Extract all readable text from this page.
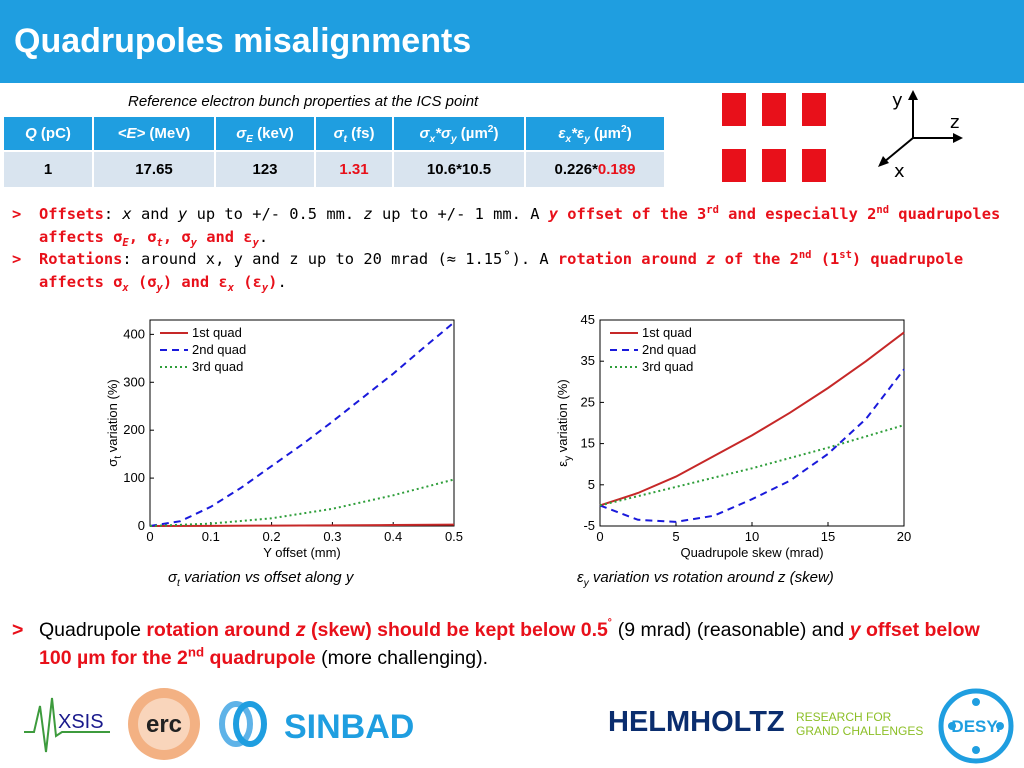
Quadrupoles misalignments
Reference electron bunch properties at the ICS point
Q (pC)	<E> (MeV)	$\sigma_E$ (keV)	$\sigma_t$ (fs)	$\sigma_x*\sigma_y$ (µm$^2$)	$\varepsilon_x*\varepsilon_y$ (µm$^2$)
1	17.65	123	1.31	10.6*10.5	0.226*0.189
y
z
x
> Offsets: x and y up to +/- 0.5 mm. z up to +/- 1 mm. A y offset of the 3rd and especially 2nd quadrupoles affects $\sigma_E$, $\sigma_t$, $\sigma_y$ and $\varepsilon_y$.
> Rotations: around x, y and z up to 20 mrad (≈ 1.15˚). A rotation around z of the 2nd (1st) quadrupole affects $\sigma_x$ $(\sigma_y)$ and $\varepsilon_x$ $(\varepsilon_y)$.
0	0.1	0.2	0.3	0.4	0.5
0
100
200
300
400
Y offset (mm)
$\sigma_t$ variation (%)
1st quad
2nd quad
3rd quad
0	5	10	15	20
-5
5
15
25
35
45
Quadrupole skew (mrad)
$\varepsilon_y$ variation (%)
1st quad
2nd quad
3rd quad
$\sigma_t$ variation vs offset along y	$\varepsilon_y$ variation vs rotation around z (skew)
> Quadrupole rotation around z (skew) should be kept below 0.5˚ (9 mrad) (reasonable) and y offset below 100 µm for the 2nd quadrupole (more challenging).
XSIS erc	SINBAD	HELMHOLTZ RESEARCH FOR
GRAND CHALLENGES DESY.
